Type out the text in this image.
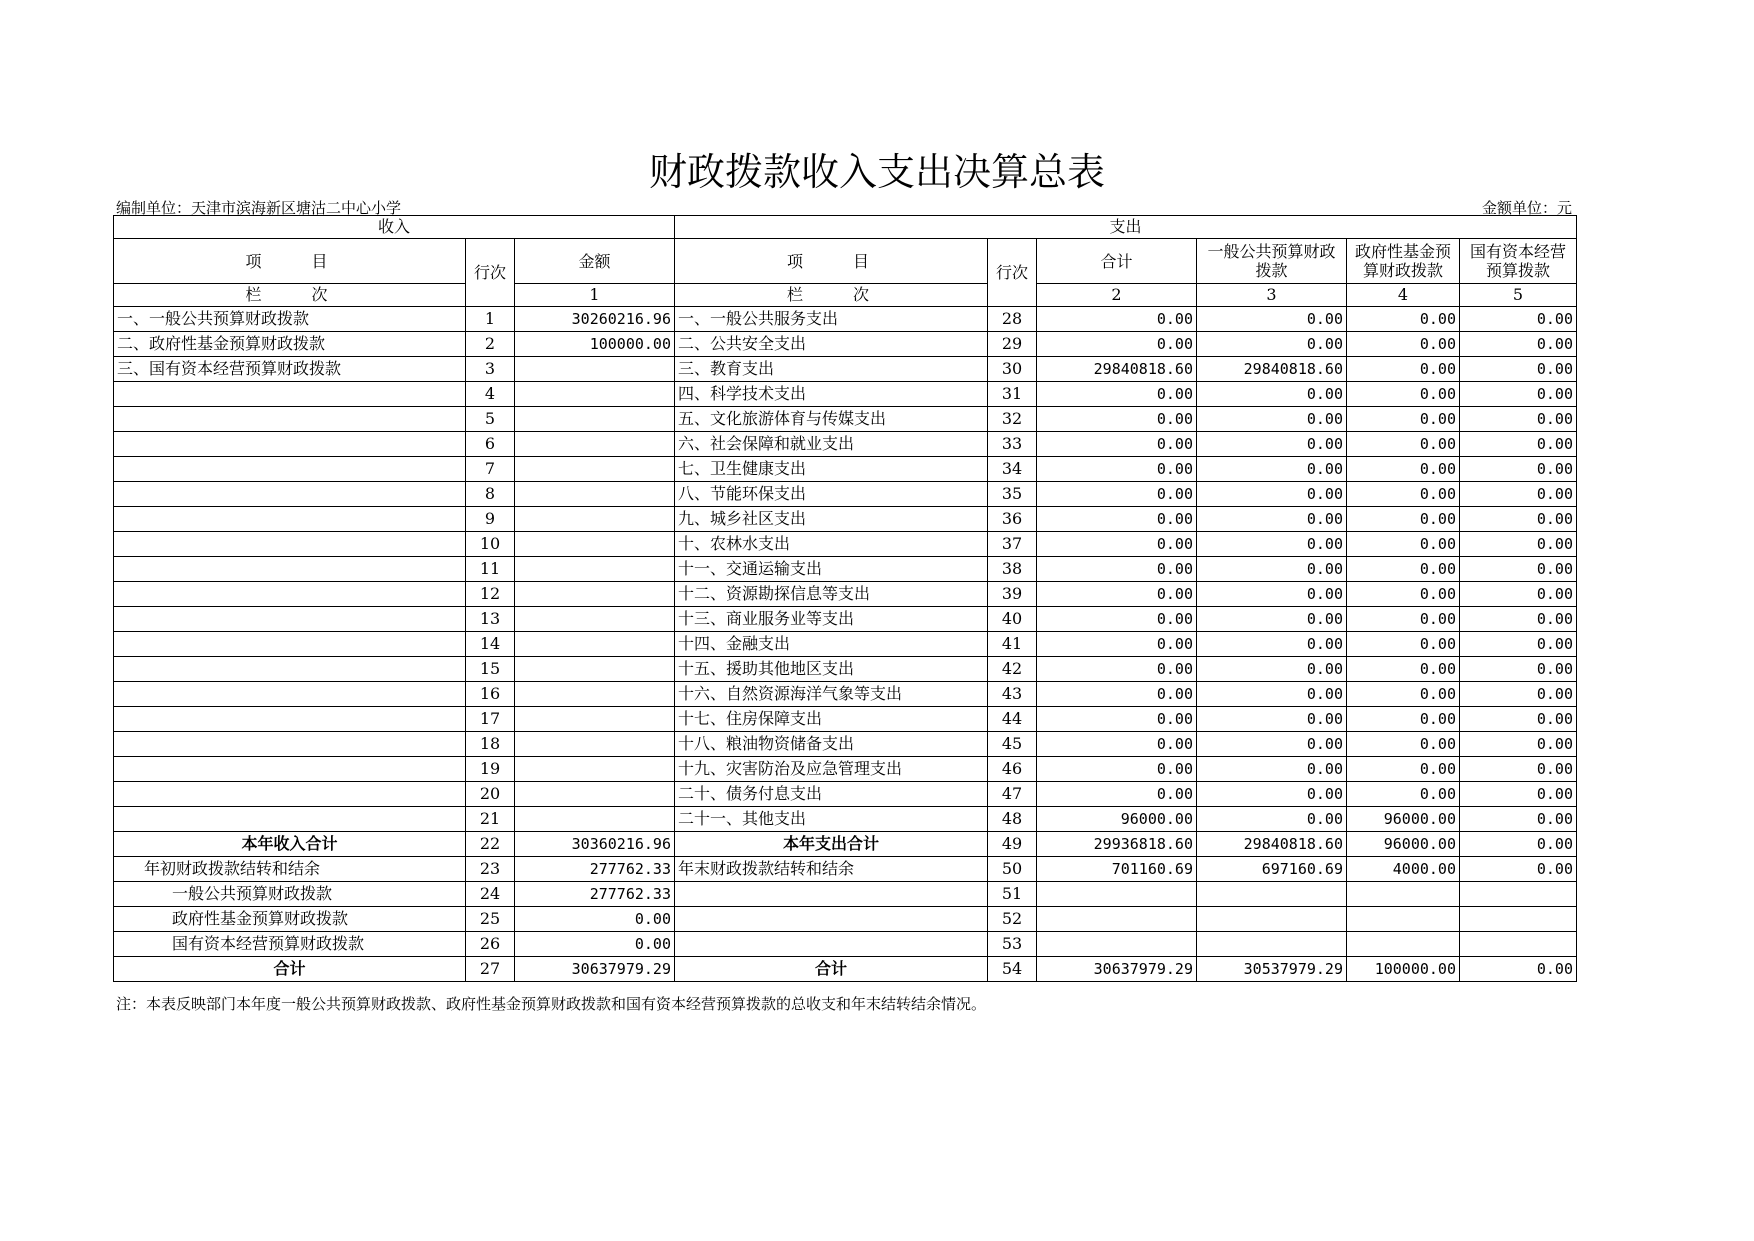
财政拨款收入支出决算总表
编制单位：天津市滨海新区塘沽二中心小学	金额单位：元
收入			支出					
项　　目	行次	金额	项　　目	行次	合计	一般公共预算财政拨款	政府性基金预算财政拨款	国有资本经营预算拨款
栏　　次		1	栏　　次		2	3	4	5
一、一般公共预算财政拨款	1	30260216.96	一、一般公共服务支出	28	0.00	0.00	0.00	0.00
二、政府性基金预算财政拨款	2	100000.00	二、公共安全支出	29	0.00	0.00	0.00	0.00
三、国有资本经营预算财政拨款	3		三、教育支出	30	29840818.60	29840818.60	0.00	0.00
	4		四、科学技术支出	31	0.00	0.00	0.00	0.00
	5		五、文化旅游体育与传媒支出	32	0.00	0.00	0.00	0.00
	6		六、社会保障和就业支出	33	0.00	0.00	0.00	0.00
	7		七、卫生健康支出	34	0.00	0.00	0.00	0.00
	8		八、节能环保支出	35	0.00	0.00	0.00	0.00
	9		九、城乡社区支出	36	0.00	0.00	0.00	0.00
	10		十、农林水支出	37	0.00	0.00	0.00	0.00
	11		十一、交通运输支出	38	0.00	0.00	0.00	0.00
	12		十二、资源勘探信息等支出	39	0.00	0.00	0.00	0.00
	13		十三、商业服务业等支出	40	0.00	0.00	0.00	0.00
	14		十四、金融支出	41	0.00	0.00	0.00	0.00
	15		十五、援助其他地区支出	42	0.00	0.00	0.00	0.00
	16		十六、自然资源海洋气象等支出	43	0.00	0.00	0.00	0.00
	17		十七、住房保障支出	44	0.00	0.00	0.00	0.00
	18		十八、粮油物资储备支出	45	0.00	0.00	0.00	0.00
	19		十九、灾害防治及应急管理支出	46	0.00	0.00	0.00	0.00
	20		二十、债务付息支出	47	0.00	0.00	0.00	0.00
	21		二十一、其他支出	48	96000.00	0.00	96000.00	0.00
本年收入合计	22	30360216.96	本年支出合计	49	29936818.60	29840818.60	96000.00	0.00
年初财政拨款结转和结余	23	277762.33	年末财政拨款结转和结余	50	701160.69	697160.69	4000.00	0.00
一般公共预算财政拨款	24	277762.33		51				
政府性基金预算财政拨款	25	0.00		52				
国有资本经营预算财政拨款	26	0.00		53				
合计	27	30637979.29	合计	54	30637979.29	30537979.29	100000.00	0.00
注：本表反映部门本年度一般公共预算财政拨款、政府性基金预算财政拨款和国有资本经营预算拨款的总收支和年末结转结余情况。
